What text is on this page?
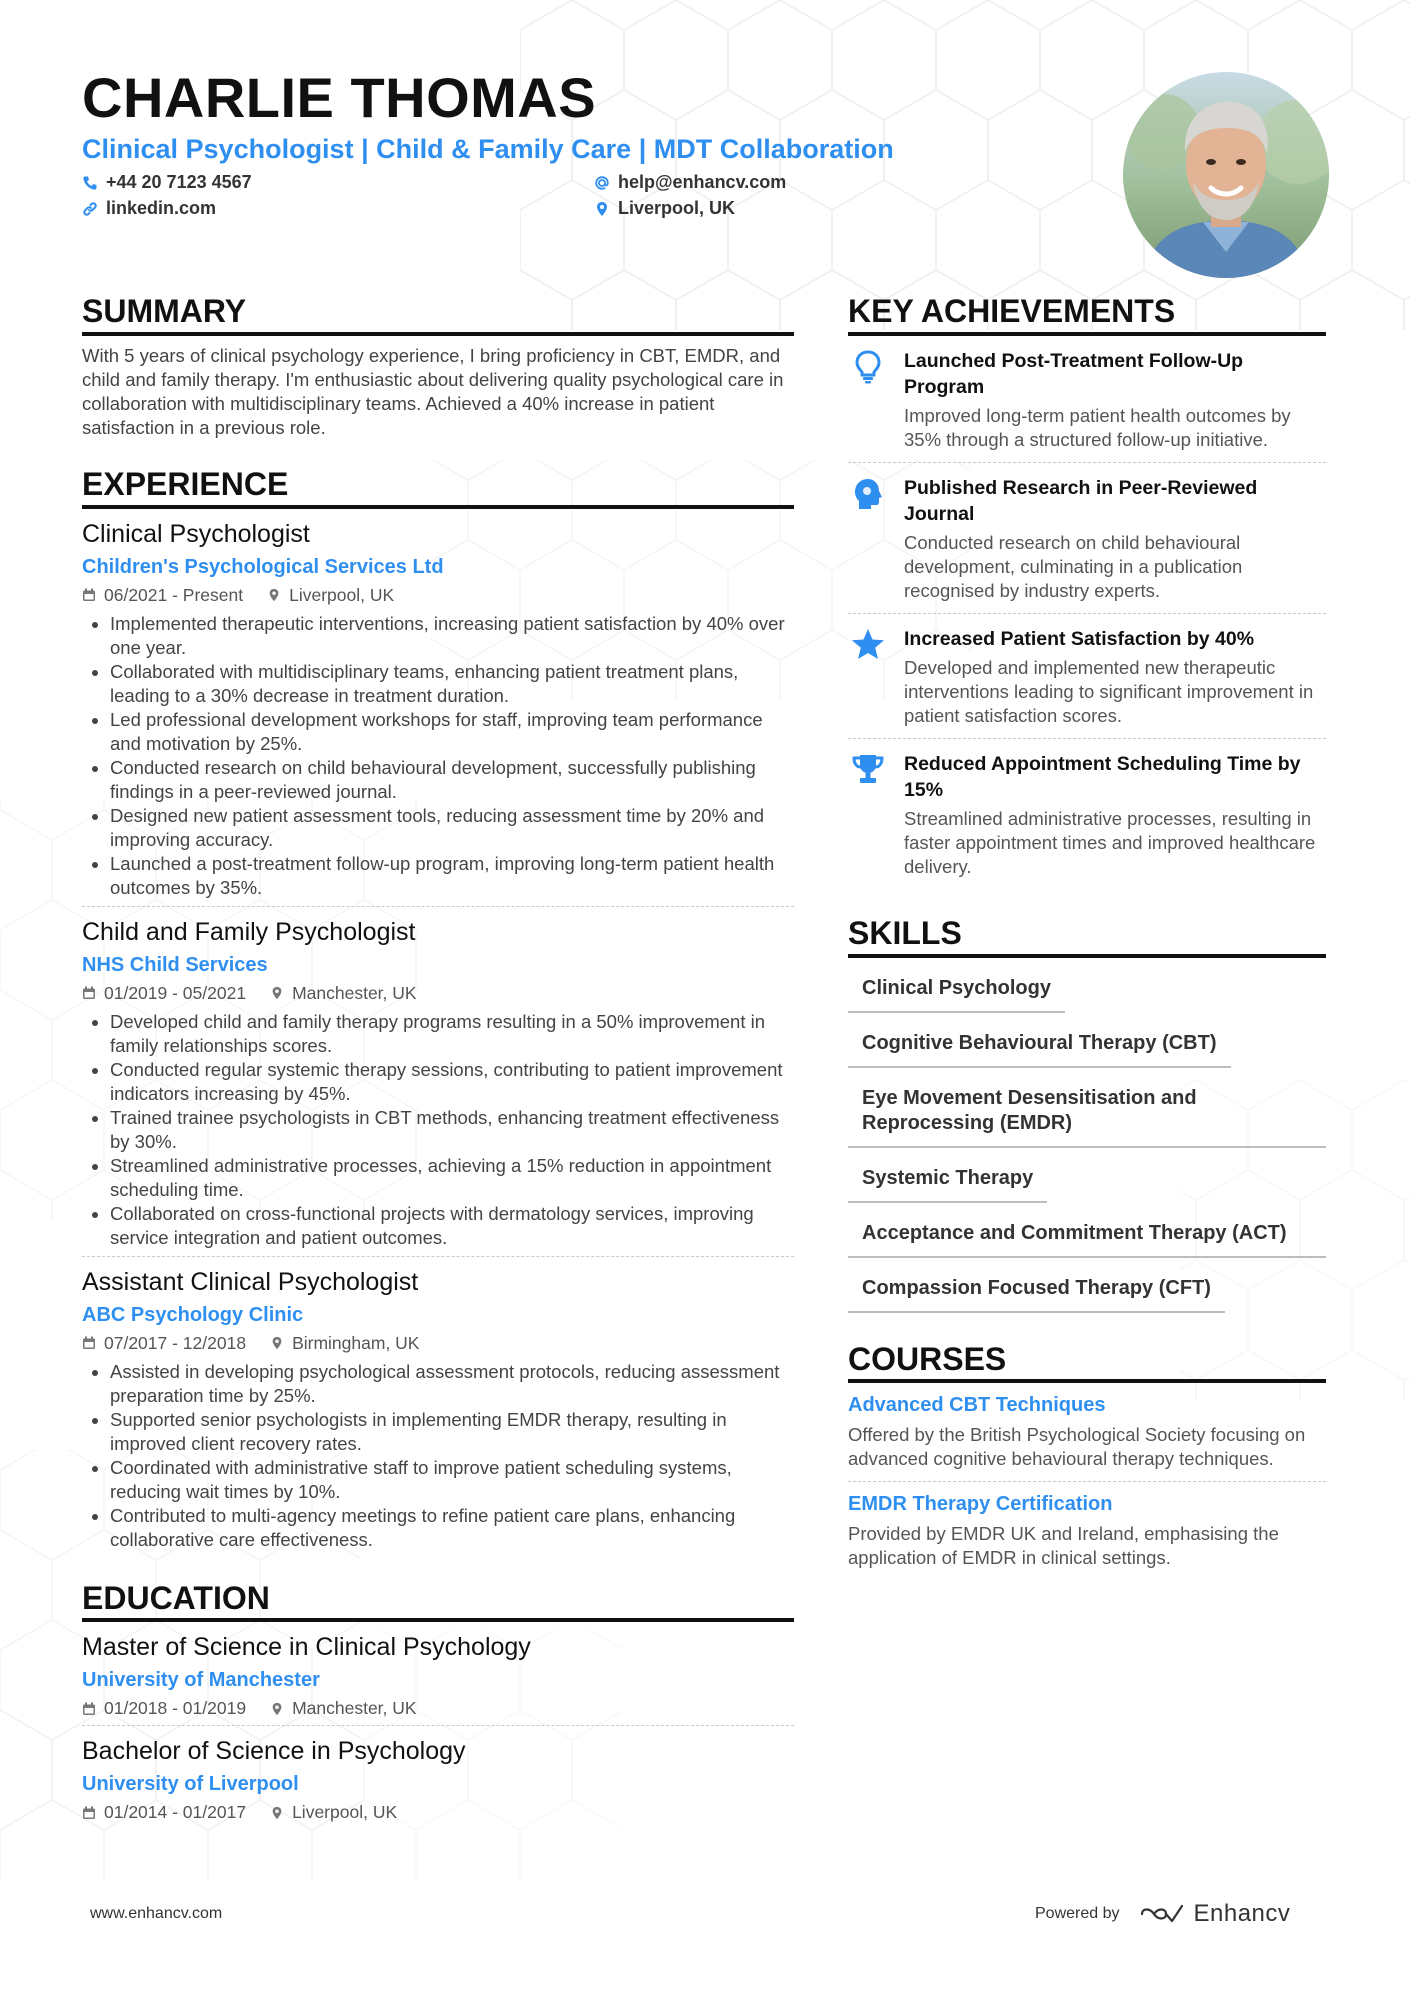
CHARLIE THOMAS
Clinical Psychologist | Child & Family Care | MDT Collaboration
+44 20 7123 4567
linkedin.com
help@enhancv.com
Liverpool, UK
SUMMARY

With 5 years of clinical psychology experience, I bring proficiency in CBT, EMDR, and child and family therapy. I'm enthusiastic about delivering quality psychological care in collaboration with multidisciplinary teams. Achieved a 40% increase in patient satisfaction in a previous role.

EXPERIENCE
Clinical Psychologist
Children's Psychological Services Ltd
06/2021 - Present	Liverpool, UK
• Implemented therapeutic interventions, increasing patient satisfaction by 40% over one year.
• Collaborated with multidisciplinary teams, enhancing patient treatment plans, leading to a 30% decrease in treatment duration.
• Led professional development workshops for staff, improving team performance and motivation by 25%.
• Conducted research on child behavioural development, successfully publishing findings in a peer-reviewed journal.
• Designed new patient assessment tools, reducing assessment time by 20% and improving accuracy.
• Launched a post-treatment follow-up program, improving long-term patient health outcomes by 35%.
Child and Family Psychologist
NHS Child Services
01/2019 - 05/2021	Manchester, UK
• Developed child and family therapy programs resulting in a 50% improvement in family relationships scores.
• Conducted regular systemic therapy sessions, contributing to patient improvement indicators increasing by 45%.
• Trained trainee psychologists in CBT methods, enhancing treatment effectiveness by 30%.
• Streamlined administrative processes, achieving a 15% reduction in appointment scheduling time.
• Collaborated on cross-functional projects with dermatology services, improving service integration and patient outcomes.
Assistant Clinical Psychologist
ABC Psychology Clinic
07/2017 - 12/2018	Birmingham, UK
• Assisted in developing psychological assessment protocols, reducing assessment preparation time by 25%.
• Supported senior psychologists in implementing EMDR therapy, resulting in improved client recovery rates.
• Coordinated with administrative staff to improve patient scheduling systems, reducing wait times by 10%.
• Contributed to multi-agency meetings to refine patient care plans, enhancing collaborative care effectiveness.
EDUCATION
Master of Science in Clinical Psychology
University of Manchester
01/2018 - 01/2019	Manchester, UK
Bachelor of Science in Psychology
University of Liverpool
01/2014 - 01/2017	Liverpool, UK
KEY ACHIEVEMENTS
Launched Post-Treatment Follow-Up Program
Improved long-term patient health outcomes by 35% through a structured follow-up initiative.
Published Research in Peer-Reviewed Journal
Conducted research on child behavioural development, culminating in a publication recognised by industry experts.
Increased Patient Satisfaction by 40%
Developed and implemented new therapeutic interventions leading to significant improvement in patient satisfaction scores.
Reduced Appointment Scheduling Time by 15%
Streamlined administrative processes, resulting in faster appointment times and improved healthcare delivery.
SKILLS
Clinical Psychology
Cognitive Behavioural Therapy (CBT)
Eye Movement Desensitisation and Reprocessing (EMDR)
Systemic Therapy
Acceptance and Commitment Therapy (ACT)
Compassion Focused Therapy (CFT)
COURSES
Advanced CBT Techniques
Offered by the British Psychological Society focusing on advanced cognitive behavioural therapy techniques.
EMDR Therapy Certification
Provided by EMDR UK and Ireland, emphasising the application of EMDR in clinical settings.
www.enhancv.com	Powered by	Enhancv
